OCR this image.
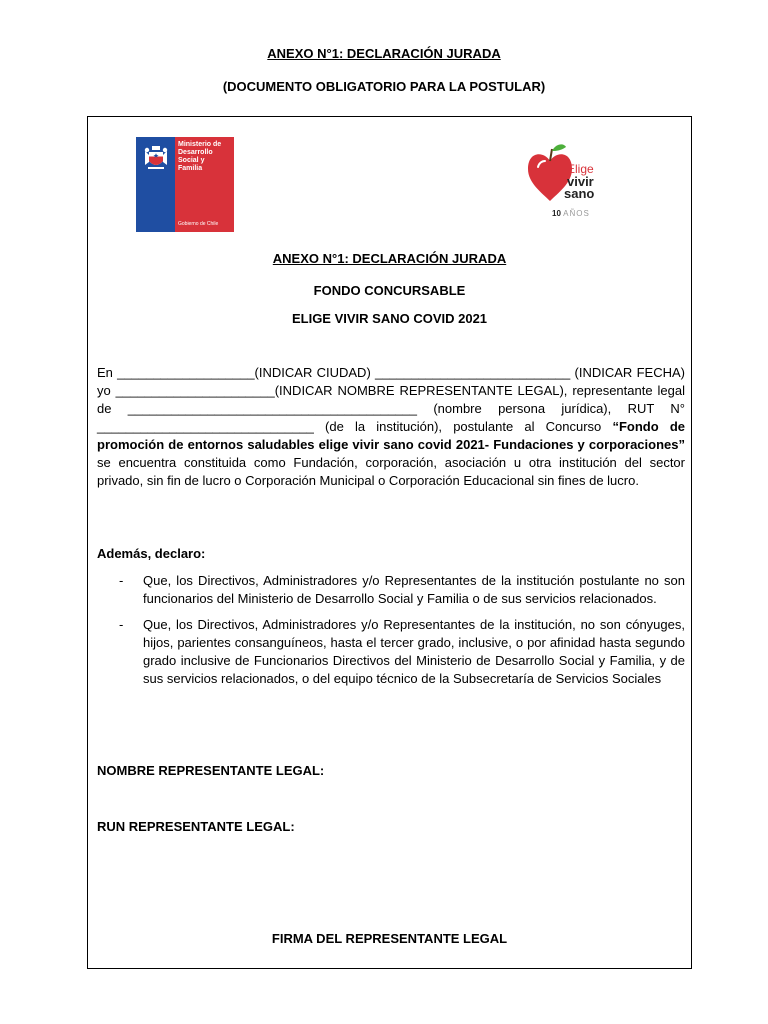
ANEXO N°1: DECLARACIÓN JURADA
(DOCUMENTO OBLIGATORIO PARA LA POSTULAR)
Ministerio de
Desarrollo
Social y
Familia
Gobierno de Chile
Elige
vivir
sano
10 AÑOS
ANEXO N°1: DECLARACIÓN JURADA
FONDO CONCURSABLE
ELIGE VIVIR SANO COVID 2021

En ___________________(INDICAR CIUDAD) ___________________________ (INDICAR FECHA) yo ______________________(INDICAR NOMBRE REPRESENTANTE LEGAL), representante legal de ________________________________________ (nombre persona jurídica), RUT N° ______________________________ (de la institución), postulante al Concurso “Fondo de promoción de entornos saludables elige vivir sano covid 2021- Fundaciones y corporaciones” se encuentra constituida como Fundación, corporación, asociación u otra institución del sector privado, sin fin de lucro o Corporación Municipal o Corporación Educacional sin fines de lucro.

Además, declaro:

- Que, los Directivos, Administradores y/o Representantes de la institución postulante no son funcionarios del Ministerio de Desarrollo Social y Familia o de sus servicios relacionados.
- Que, los Directivos, Administradores y/o Representantes de la institución, no son cónyuges, hijos, parientes consanguíneos, hasta el tercer grado, inclusive, o por afinidad hasta segundo grado inclusive de Funcionarios Directivos del Ministerio de Desarrollo Social y Familia, y de sus servicios relacionados, o del equipo técnico de la Subsecretaría de Servicios Sociales
NOMBRE REPRESENTANTE LEGAL:
RUN REPRESENTANTE LEGAL:
FIRMA DEL REPRESENTANTE LEGAL
